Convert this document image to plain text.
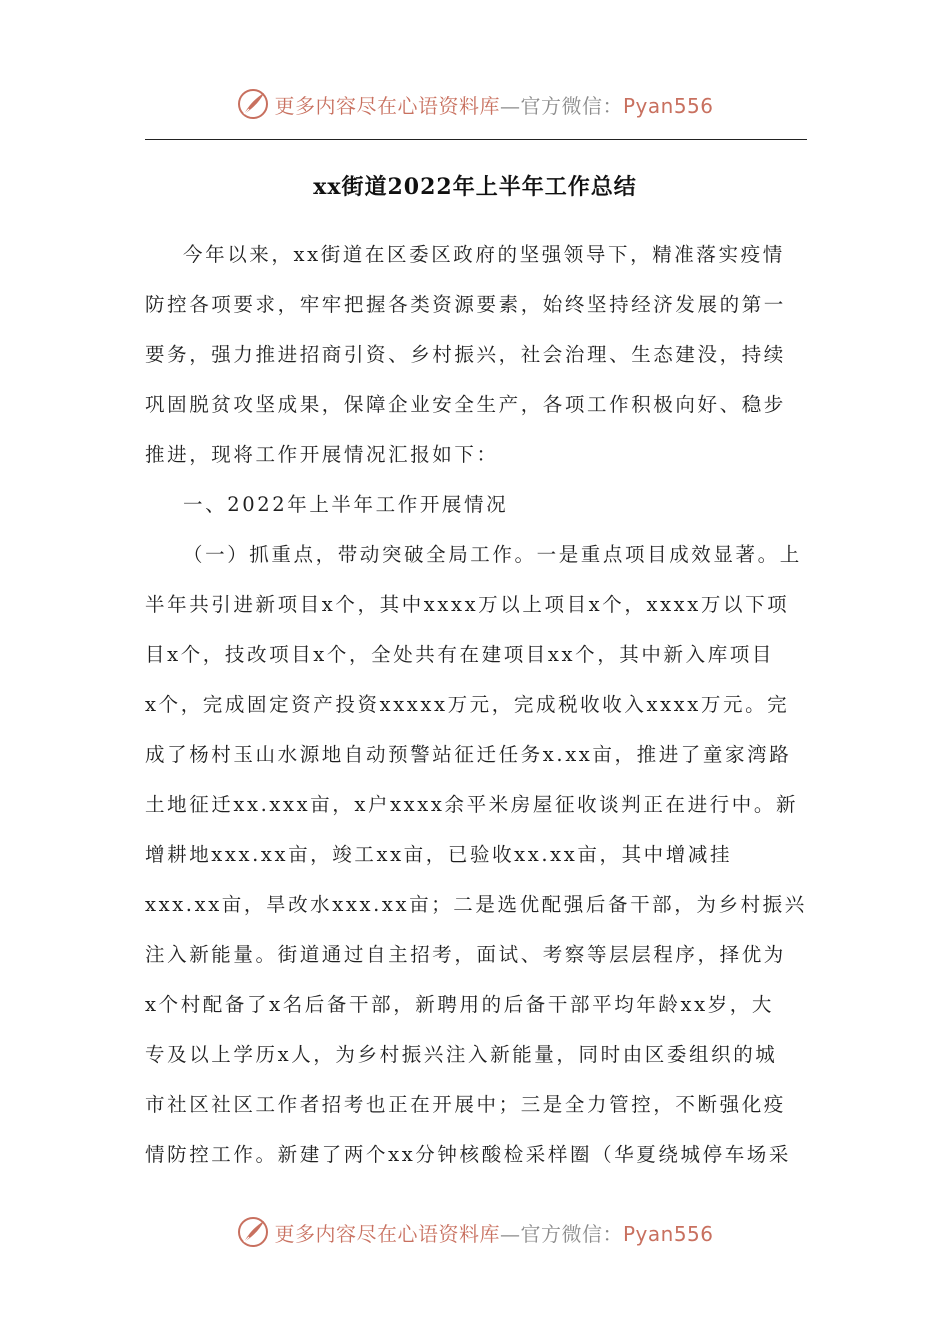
更多内容尽在心语资料库—官方微信：Pyan556
xx街道2022年上半年工作总结
今年以来，xx街道在区委区政府的坚强领导下，精准落实疫情
防控各项要求，牢牢把握各类资源要素，始终坚持经济发展的第一
要务，强力推进招商引资、乡村振兴，社会治理、生态建没，持续
巩固脱贫攻坚成果，保障企业安全生产，各项工作积极向好、稳步
推进，现将工作开展情况汇报如下：
一、2022年上半年工作开展情况
（一）抓重点，带动突破全局工作。一是重点项目成效显著。上
半年共引进新项目x个，其中xxxx万以上项目x个，xxxx万以下项
目x个，技改项目x个，全处共有在建项目xx个，其中新入库项目
x个，完成固定资产投资xxxxx万元，完成税收收入xxxx万元。完
成了杨村玉山水源地自动预警站征迁任务x.xx亩，推进了童家湾路
土地征迁xx.xxx亩，x户xxxx余平米房屋征收谈判正在进行中。新
增耕地xxx.xx亩，竣工xx亩，已验收xx.xx亩，其中增减挂
xxx.xx亩，旱改水xxx.xx亩；二是选优配强后备干部，为乡村振兴
注入新能量。街道通过自主招考，面试、考察等层层程序，择优为
x个村配备了x名后备干部，新聘用的后备干部平均年龄xx岁，大
专及以上学历x人，为乡村振兴注入新能量，同时由区委组织的城
市社区社区工作者招考也正在开展中；三是全力管控，不断强化疫
情防控工作。新建了两个xx分钟核酸检采样圈（华夏绕城停车场采
更多内容尽在心语资料库—官方微信：Pyan556
